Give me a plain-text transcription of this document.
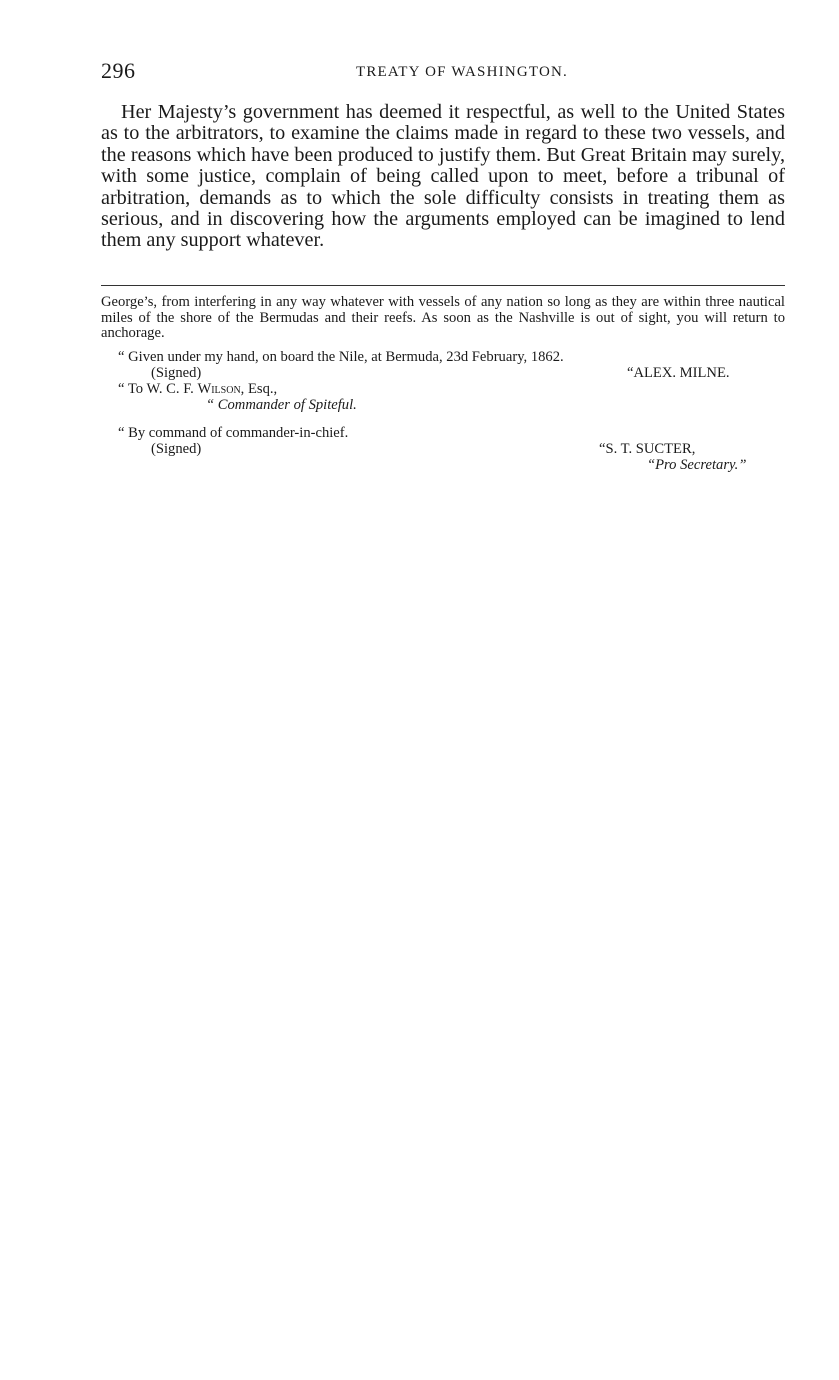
296	TREATY OF WASHINGTON.

Her Majesty’s government has deemed it respectful, as well to the United States as to the arbitrators, to examine the claims made in regard to these two vessels, and the reasons which have been produced to justify them. But Great Britain may surely, with some justice, complain of being called upon to meet, before a tribunal of arbitration, demands as to which the sole difficulty consists in treating them as serious, and in discovering how the arguments employed can be imagined to lend them any support whatever.

George’s, from interfering in any way whatever with vessels of any nation so long as they are within three nautical miles of the shore of the Bermudas and their reefs. As soon as the Nashville is out of sight, you will return to anchorage.

“ Given under my hand, on board the Nile, at Bermuda, 23d February, 1862.
(Signed)	“ALEX. MILNE.
“ To W. C. F. Wilson, Esq.,
“ Commander of Spiteful.
“ By command of commander-in-chief.
(Signed)	“S. T. SUCTER,
“Pro Secretary.”
